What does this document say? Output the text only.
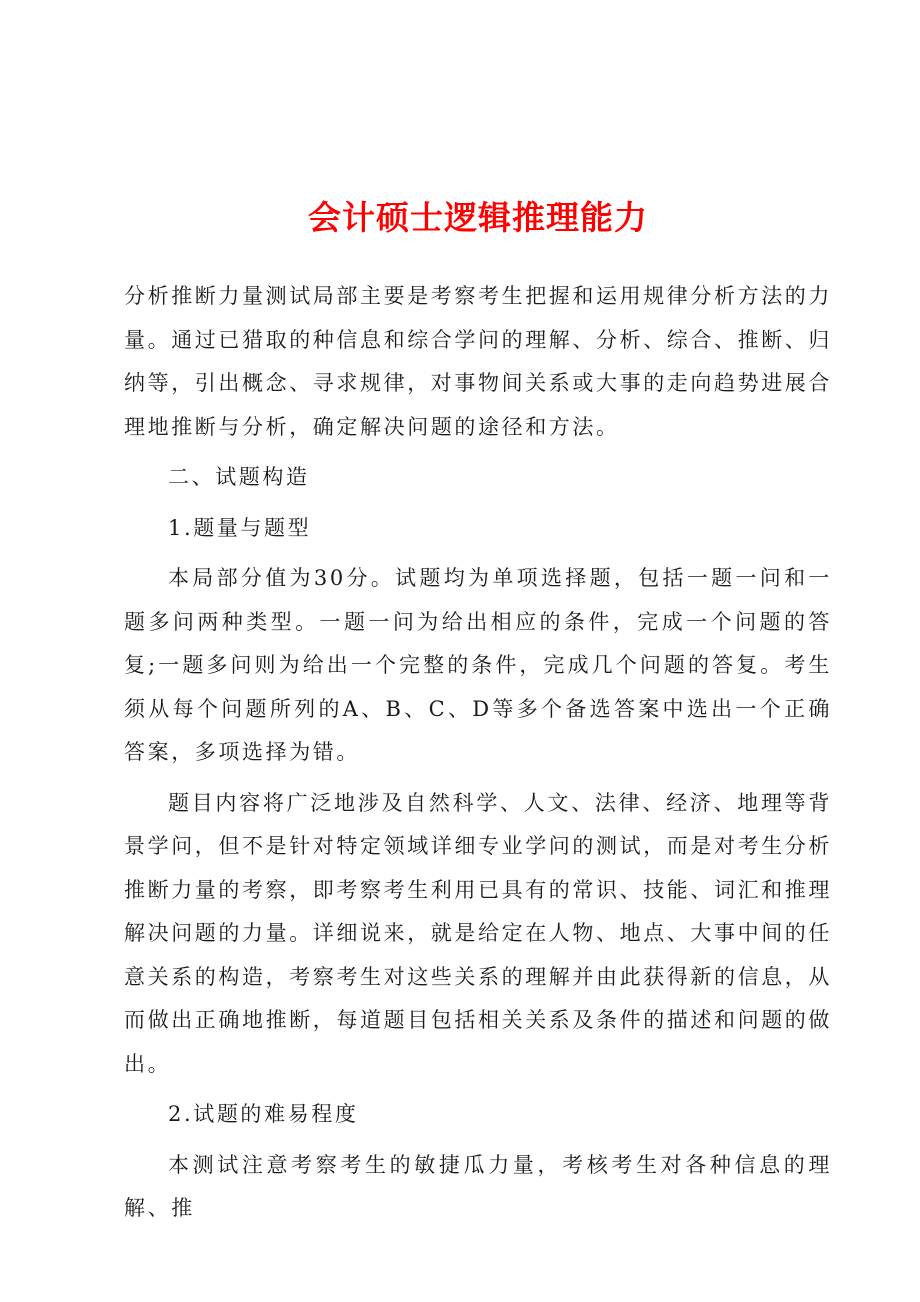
会计硕士逻辑推理能力

分析推断力量测试局部主要是考察考生把握和运用规律分析方法的力量。通过已猎取的种信息和综合学问的理解、分析、综合、推断、归纳等，引出概念、寻求规律，对事物间关系或大事的走向趋势进展合理地推断与分析，确定解决问题的途径和方法。

二、试题构造

1.题量与题型

本局部分值为30分。试题均为单项选择题，包括一题一问和一题多问两种类型。一题一问为给出相应的条件，完成一个问题的答复;一题多问则为给出一个完整的条件，完成几个问题的答复。考生须从每个问题所列的A、B、C、D等多个备选答案中选出一个正确答案，多项选择为错。

题目内容将广泛地涉及自然科学、人文、法律、经济、地理等背景学问，但不是针对特定领域详细专业学问的测试，而是对考生分析推断力量的考察，即考察考生利用已具有的常识、技能、词汇和推理解决问题的力量。详细说来，就是给定在人物、地点、大事中间的任意关系的构造，考察考生对这些关系的理解并由此获得新的信息，从而做出正确地推断，每道题目包括相关关系及条件的描述和问题的做出。

2.试题的难易程度

本测试注意考察考生的敏捷瓜力量，考核考生对各种信息的理解、推
